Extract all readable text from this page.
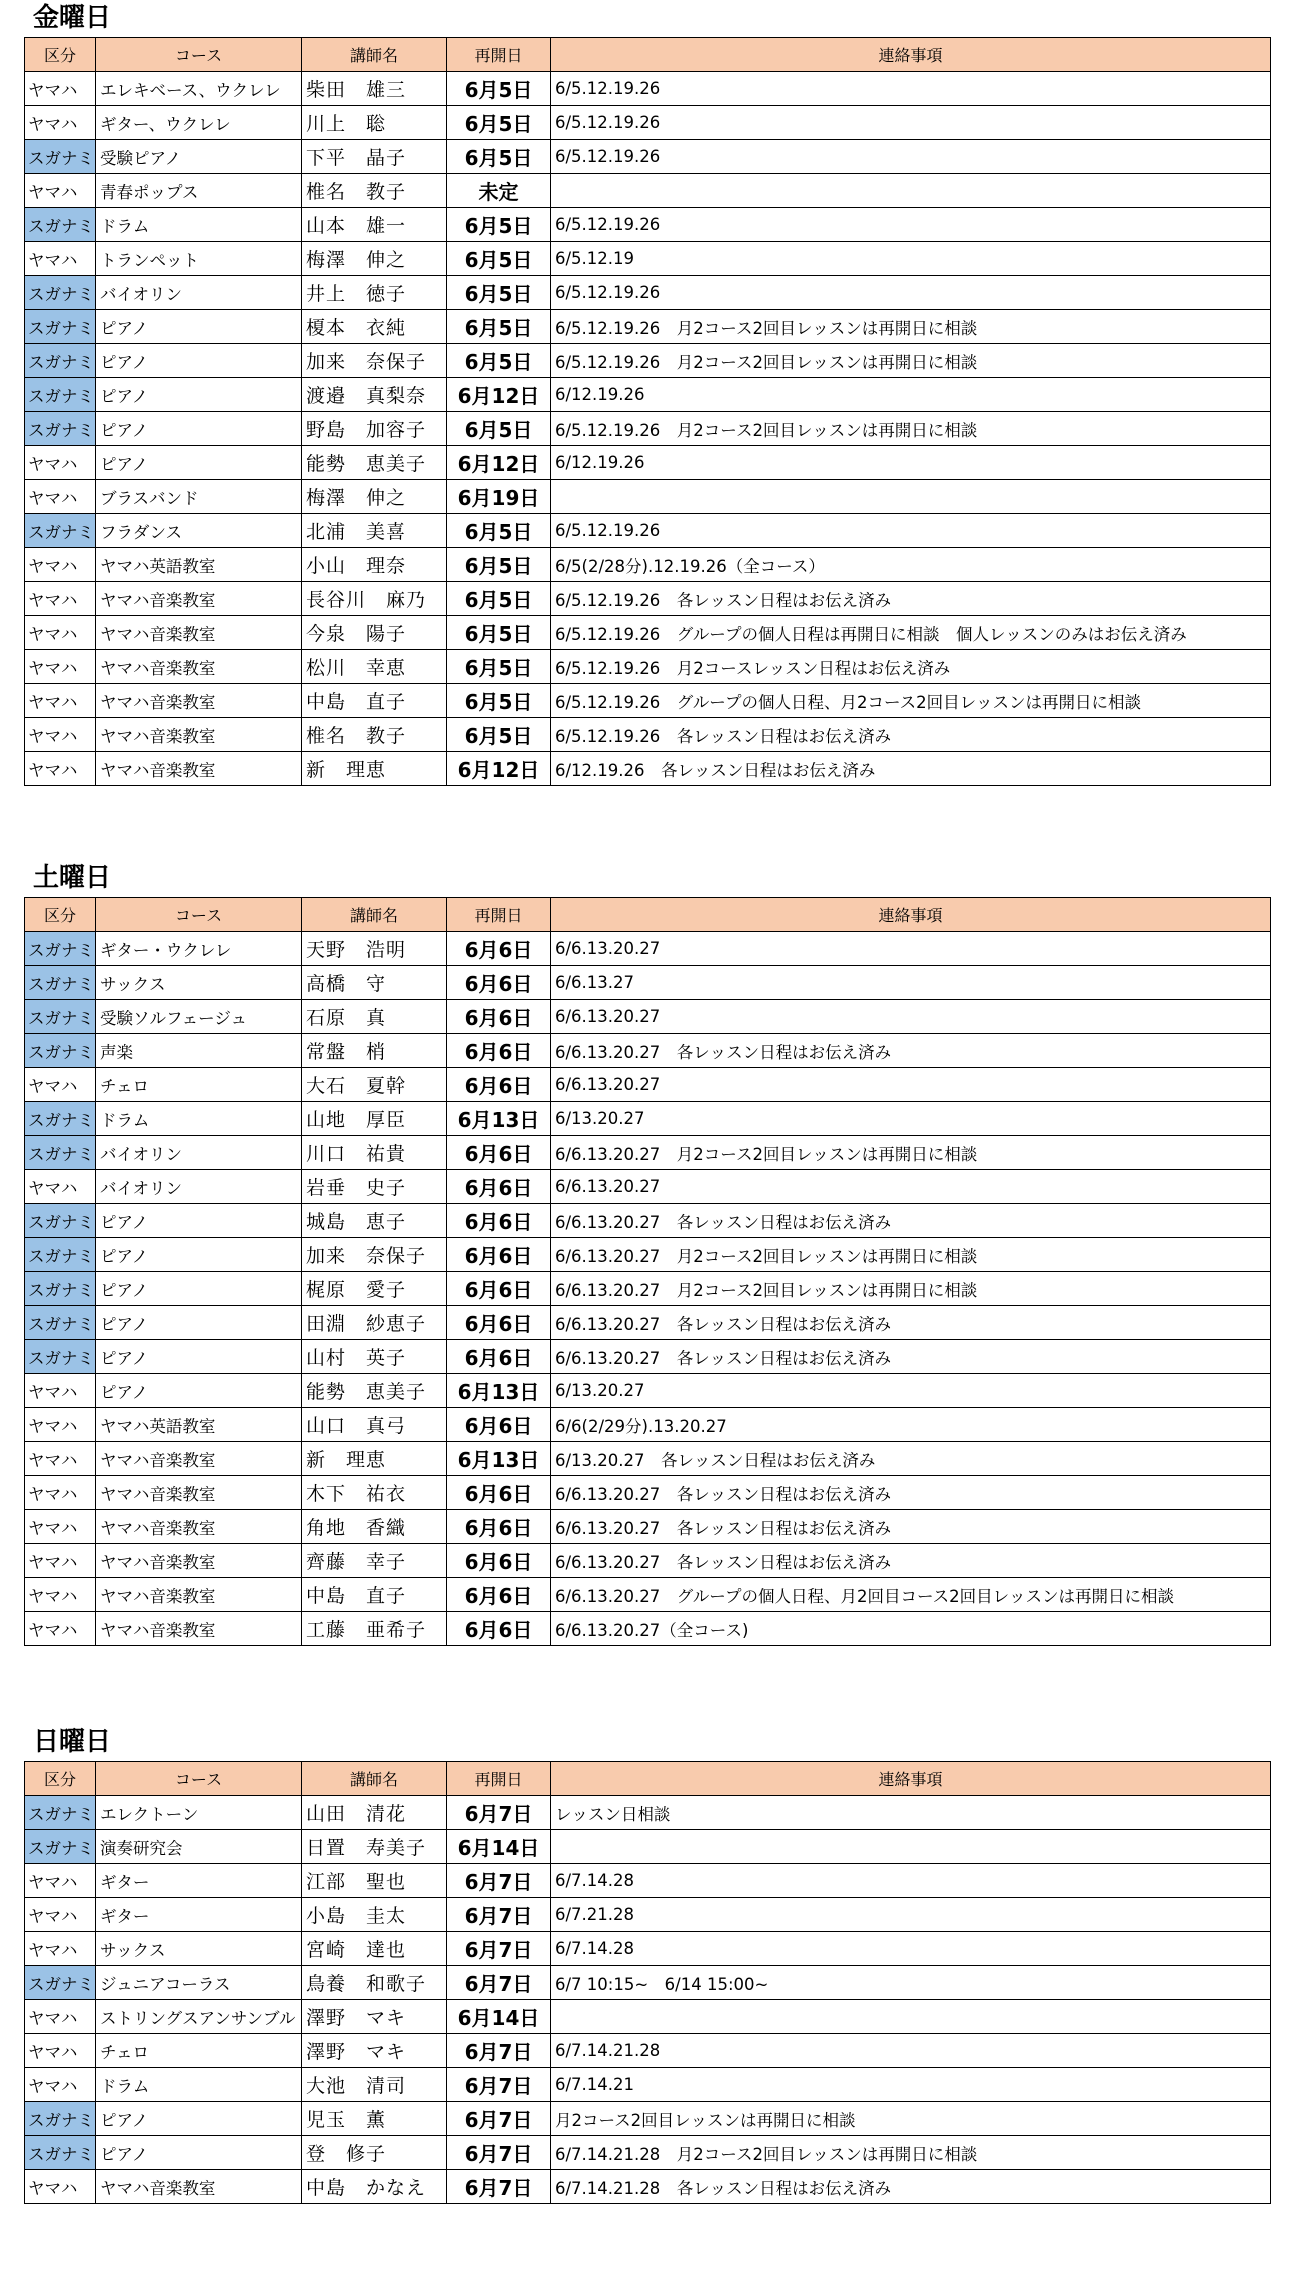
金曜日
区分	コース	講師名	再開日	連絡事項
ヤマハ	エレキベース、ウクレレ	柴田　雄三	6月5日	6/5.12.19.26
ヤマハ	ギター、ウクレレ	川上　聡	6月5日	6/5.12.19.26
スガナミ	受験ピアノ	下平　晶子	6月5日	6/5.12.19.26
ヤマハ	青春ポップス	椎名　教子	未定	
スガナミ	ドラム	山本　雄一	6月5日	6/5.12.19.26
ヤマハ	トランペット	梅澤　伸之	6月5日	6/5.12.19
スガナミ	バイオリン	井上　徳子	6月5日	6/5.12.19.26
スガナミ	ピアノ	榎本　衣純	6月5日	6/5.12.19.26　月2コース2回目レッスンは再開日に相談
スガナミ	ピアノ	加来　奈保子	6月5日	6/5.12.19.26　月2コース2回目レッスンは再開日に相談
スガナミ	ピアノ	渡邉　真梨奈	6月12日	6/12.19.26
スガナミ	ピアノ	野島　加容子	6月5日	6/5.12.19.26　月2コース2回目レッスンは再開日に相談
ヤマハ	ピアノ	能勢　恵美子	6月12日	6/12.19.26
ヤマハ	ブラスバンド	梅澤　伸之	6月19日	
スガナミ	フラダンス	北浦　美喜	6月5日	6/5.12.19.26
ヤマハ	ヤマハ英語教室	小山　理奈	6月5日	6/5(2/28分).12.19.26（全コース）
ヤマハ	ヤマハ音楽教室	長谷川　麻乃	6月5日	6/5.12.19.26　各レッスン日程はお伝え済み
ヤマハ	ヤマハ音楽教室	今泉　陽子	6月5日	6/5.12.19.26　グループの個人日程は再開日に相談　個人レッスンのみはお伝え済み
ヤマハ	ヤマハ音楽教室	松川　幸恵	6月5日	6/5.12.19.26　月2コースレッスン日程はお伝え済み
ヤマハ	ヤマハ音楽教室	中島　直子	6月5日	6/5.12.19.26　グループの個人日程、月2コース2回目レッスンは再開日に相談
ヤマハ	ヤマハ音楽教室	椎名　教子	6月5日	6/5.12.19.26　各レッスン日程はお伝え済み
ヤマハ	ヤマハ音楽教室	新　理恵	6月12日	6/12.19.26　各レッスン日程はお伝え済み
土曜日
区分	コース	講師名	再開日	連絡事項
スガナミ	ギター・ウクレレ	天野　浩明	6月6日	6/6.13.20.27
スガナミ	サックス	高橋　守	6月6日	6/6.13.27
スガナミ	受験ソルフェージュ	石原　真	6月6日	6/6.13.20.27
スガナミ	声楽	常盤　梢	6月6日	6/6.13.20.27　各レッスン日程はお伝え済み
ヤマハ	チェロ	大石　夏幹	6月6日	6/6.13.20.27
スガナミ	ドラム	山地　厚臣	6月13日	6/13.20.27
スガナミ	バイオリン	川口　祐貴	6月6日	6/6.13.20.27　月2コース2回目レッスンは再開日に相談
ヤマハ	バイオリン	岩垂　史子	6月6日	6/6.13.20.27
スガナミ	ピアノ	城島　恵子	6月6日	6/6.13.20.27　各レッスン日程はお伝え済み
スガナミ	ピアノ	加来　奈保子	6月6日	6/6.13.20.27　月2コース2回目レッスンは再開日に相談
スガナミ	ピアノ	梶原　愛子	6月6日	6/6.13.20.27　月2コース2回目レッスンは再開日に相談
スガナミ	ピアノ	田淵　紗恵子	6月6日	6/6.13.20.27　各レッスン日程はお伝え済み
スガナミ	ピアノ	山村　英子	6月6日	6/6.13.20.27　各レッスン日程はお伝え済み
ヤマハ	ピアノ	能勢　恵美子	6月13日	6/13.20.27
ヤマハ	ヤマハ英語教室	山口　真弓	6月6日	6/6(2/29分).13.20.27
ヤマハ	ヤマハ音楽教室	新　理恵	6月13日	6/13.20.27　各レッスン日程はお伝え済み
ヤマハ	ヤマハ音楽教室	木下　祐衣	6月6日	6/6.13.20.27　各レッスン日程はお伝え済み
ヤマハ	ヤマハ音楽教室	角地　香織	6月6日	6/6.13.20.27　各レッスン日程はお伝え済み
ヤマハ	ヤマハ音楽教室	齊藤　幸子	6月6日	6/6.13.20.27　各レッスン日程はお伝え済み
ヤマハ	ヤマハ音楽教室	中島　直子	6月6日	6/6.13.20.27　グループの個人日程、月2回目コース2回目レッスンは再開日に相談
ヤマハ	ヤマハ音楽教室	工藤　亜希子	6月6日	6/6.13.20.27（全コース)
日曜日
区分	コース	講師名	再開日	連絡事項
スガナミ	エレクトーン	山田　清花	6月7日	レッスン日相談
スガナミ	演奏研究会	日置　寿美子	6月14日	
ヤマハ	ギター	江部　聖也	6月7日	6/7.14.28
ヤマハ	ギター	小島　圭太	6月7日	6/7.21.28
ヤマハ	サックス	宮崎　達也	6月7日	6/7.14.28
スガナミ	ジュニアコーラス	鳥養　和歌子	6月7日	6/7 10:15~　6/14 15:00~
ヤマハ	ストリングスアンサンブル	澤野　マキ	6月14日	
ヤマハ	チェロ	澤野　マキ	6月7日	6/7.14.21.28
ヤマハ	ドラム	大池　清司	6月7日	6/7.14.21
スガナミ	ピアノ	児玉　薫	6月7日	月2コース2回目レッスンは再開日に相談
スガナミ	ピアノ	登　修子	6月7日	6/7.14.21.28　月2コース2回目レッスンは再開日に相談
ヤマハ	ヤマハ音楽教室	中島　かなえ	6月7日	6/7.14.21.28　各レッスン日程はお伝え済み
